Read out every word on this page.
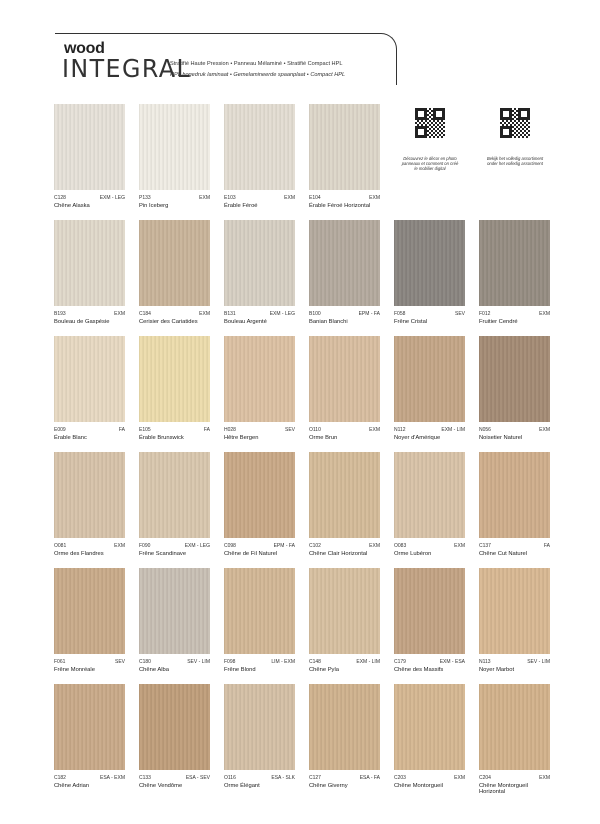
wood
INTEGRAL
Stratifié Haute Pression • Panneau Mélaminé • Stratifié Compact HPL
HPL hogedruk laminaat • Gemelamineerde spaanplaat • Compact HPL
C128	EXM - LEG
Chêne Alaska
P133	EXM
Pin Iceberg
E103	EXM
Érable Féroé
E104	EXM
Érable Féroé Horizontal
Découvrez le décor en photo panneaux et comment on créé le mobilier digital
Bekijk het volledig assortiment onder het volledig assortiment
B193	EXM
Bouleau de Gaspésie
C184	EXM
Cerisier des Cariatides
B131	EXM - LEG
Bouleau Argenté
B100	EPM - FA
Banian Blanchi
F058	SEV
Frêne Cristal
F012	EXM
Fruitier Cendré
E009	FA
Érable Blanc
E105	FA
Érable Brunswick
H028	SEV
Hêtre Bergen
O110	EXM
Orme Brun
N112	EXM - LIM
Noyer d'Amérique
N056	EXM
Noisetier Naturel
O081	EXM
Orme des Flandres
F090	EXM - LEG
Frêne Scandinave
C098	EPM - FA
Chêne de Fil Naturel
C102	EXM
Chêne Clair Horizontal
O083	EXM
Orme Lubéron
C137	FA
Chêne Cut Naturel
F061	SEV
Frêne Monréale
C180	SEV - LIM
Chêne Alba
F098	LIM - EXM
Frêne Blond
C148	EXM - LIM
Chêne Pyla
C179	EXM - ESA
Chêne des Massifs
N113	SEV - LIM
Noyer Marbot
C182	ESA - EXM
Chêne Adrian
C133	ESA - SEV
Chêne Vendôme
O116	ESA - SLK
Orme Élégant
C127	ESA - FA
Chêne Giverny
C203	EXM
Chêne Montorgueil
C204	EXM
Chêne Montorgueil Horizontal
